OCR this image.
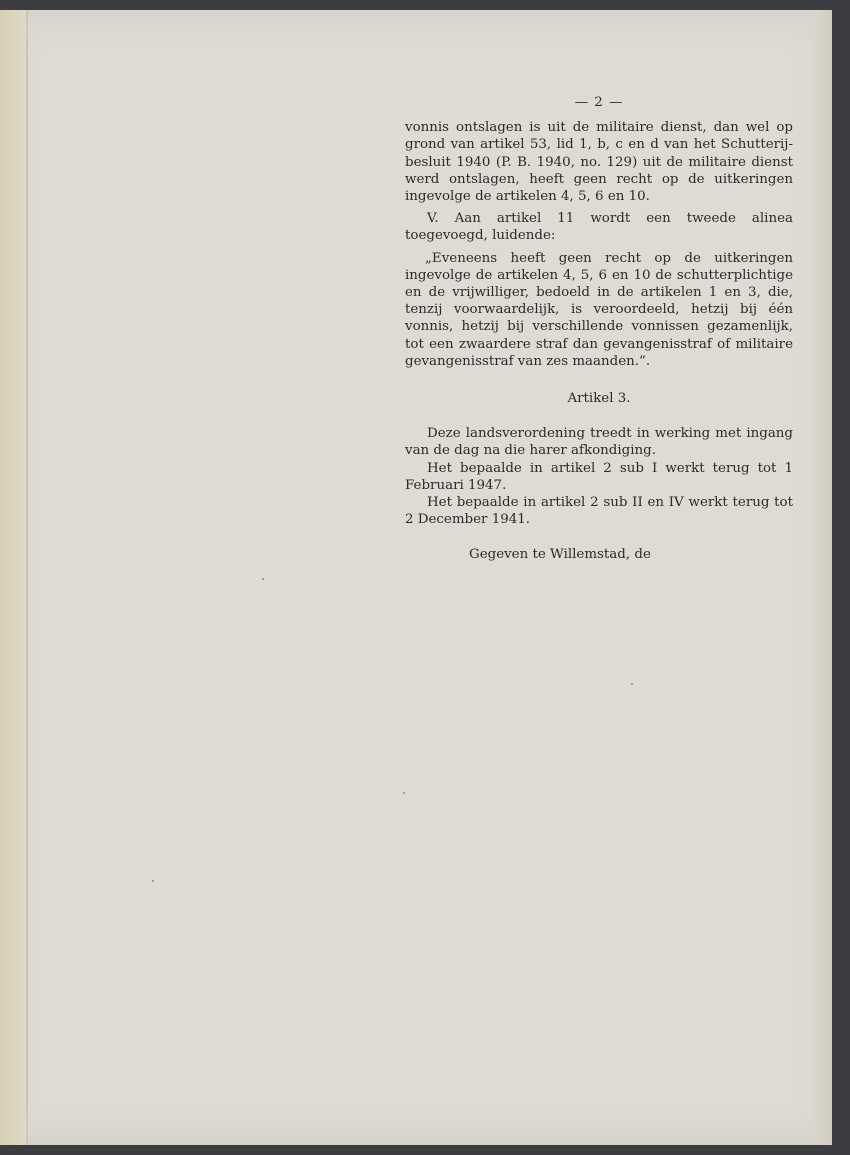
— 2 —

vonnis ontslagen is uit de militaire dienst, dan wel op grond van artikel 53, lid 1, b, c en d van het Schutterij-besluit 1940 (P. B. 1940, no. 129) uit de militaire dienst werd ontslagen, heeft geen recht op de uitkeringen ingevolge de artikelen 4, 5, 6 en 10.

V. Aan artikel 11 wordt een tweede alinea toegevoegd, luidende:

„Eveneens heeft geen recht op de uitkeringen ingevolge de artikelen 4, 5, 6 en 10 de schutterplichtige en de vrijwilliger, bedoeld in de artikelen 1 en 3, die, tenzij voorwaardelijk, is veroordeeld, hetzij bij één vonnis, hetzij bij verschillende vonnissen gezamenlijk, tot een zwaardere straf dan gevangenisstraf of militaire gevangenisstraf van zes maanden.”.

Artikel 3.

Deze landsverordening treedt in werking met ingang van de dag na die harer afkondiging.

Het bepaalde in artikel 2 sub I werkt terug tot 1 Februari 1947.

Het bepaalde in artikel 2 sub II en IV werkt terug tot 2 December 1941.

Gegeven te Willemstad, de
